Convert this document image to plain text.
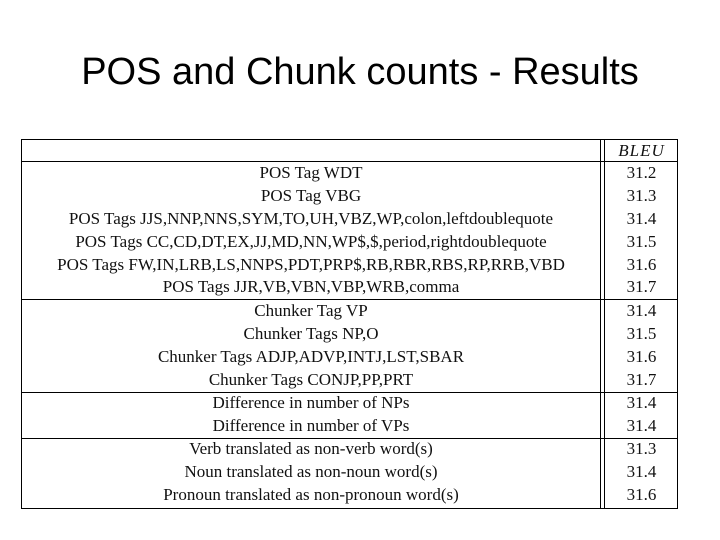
POS and Chunk counts - Results
BLEU
POS Tag WDT	31.2
POS Tag VBG	31.3
POS Tags JJS,NNP,NNS,SYM,TO,UH,VBZ,WP,colon,leftdoublequote	31.4
POS Tags CC,CD,DT,EX,JJ,MD,NN,WP$,$,period,rightdoublequote	31.5
POS Tags FW,IN,LRB,LS,NNPS,PDT,PRP$,RB,RBR,RBS,RP,RRB,VBD	31.6
POS Tags JJR,VB,VBN,VBP,WRB,comma	31.7
Chunker Tag VP	31.4
Chunker Tags NP,O	31.5
Chunker Tags ADJP,ADVP,INTJ,LST,SBAR	31.6
Chunker Tags CONJP,PP,PRT	31.7
Difference in number of NPs	31.4
Difference in number of VPs	31.4
Verb translated as non-verb word(s)	31.3
Noun translated as non-noun word(s)	31.4
Pronoun translated as non-pronoun word(s)	31.6
